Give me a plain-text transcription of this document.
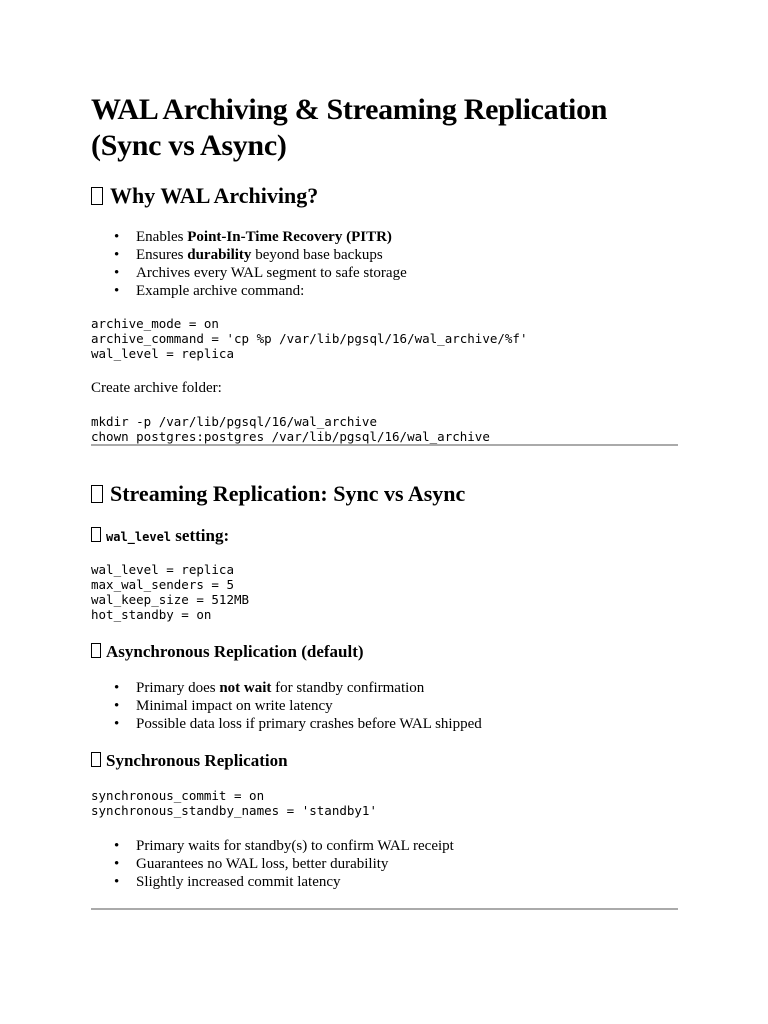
WAL Archiving & Streaming Replication
(Sync vs Async)
Why WAL Archiving?
• Enables Point-In-Time Recovery (PITR)
• Ensures durability beyond base backups
• Archives every WAL segment to safe storage
• Example archive command:
archive_mode = on
archive_command = 'cp %p /var/lib/pgsql/16/wal_archive/%f'
wal_level = replica

Create archive folder:

mkdir -p /var/lib/pgsql/16/wal_archive
chown postgres:postgres /var/lib/pgsql/16/wal_archive
Streaming Replication: Sync vs Async
wal_level setting:
wal_level = replica
max_wal_senders = 5
wal_keep_size = 512MB
hot_standby = on
Asynchronous Replication (default)
• Primary does not wait for standby confirmation
• Minimal impact on write latency
• Possible data loss if primary crashes before WAL shipped
Synchronous Replication
synchronous_commit = on
synchronous_standby_names = 'standby1'
• Primary waits for standby(s) to confirm WAL receipt
• Guarantees no WAL loss, better durability
• Slightly increased commit latency
